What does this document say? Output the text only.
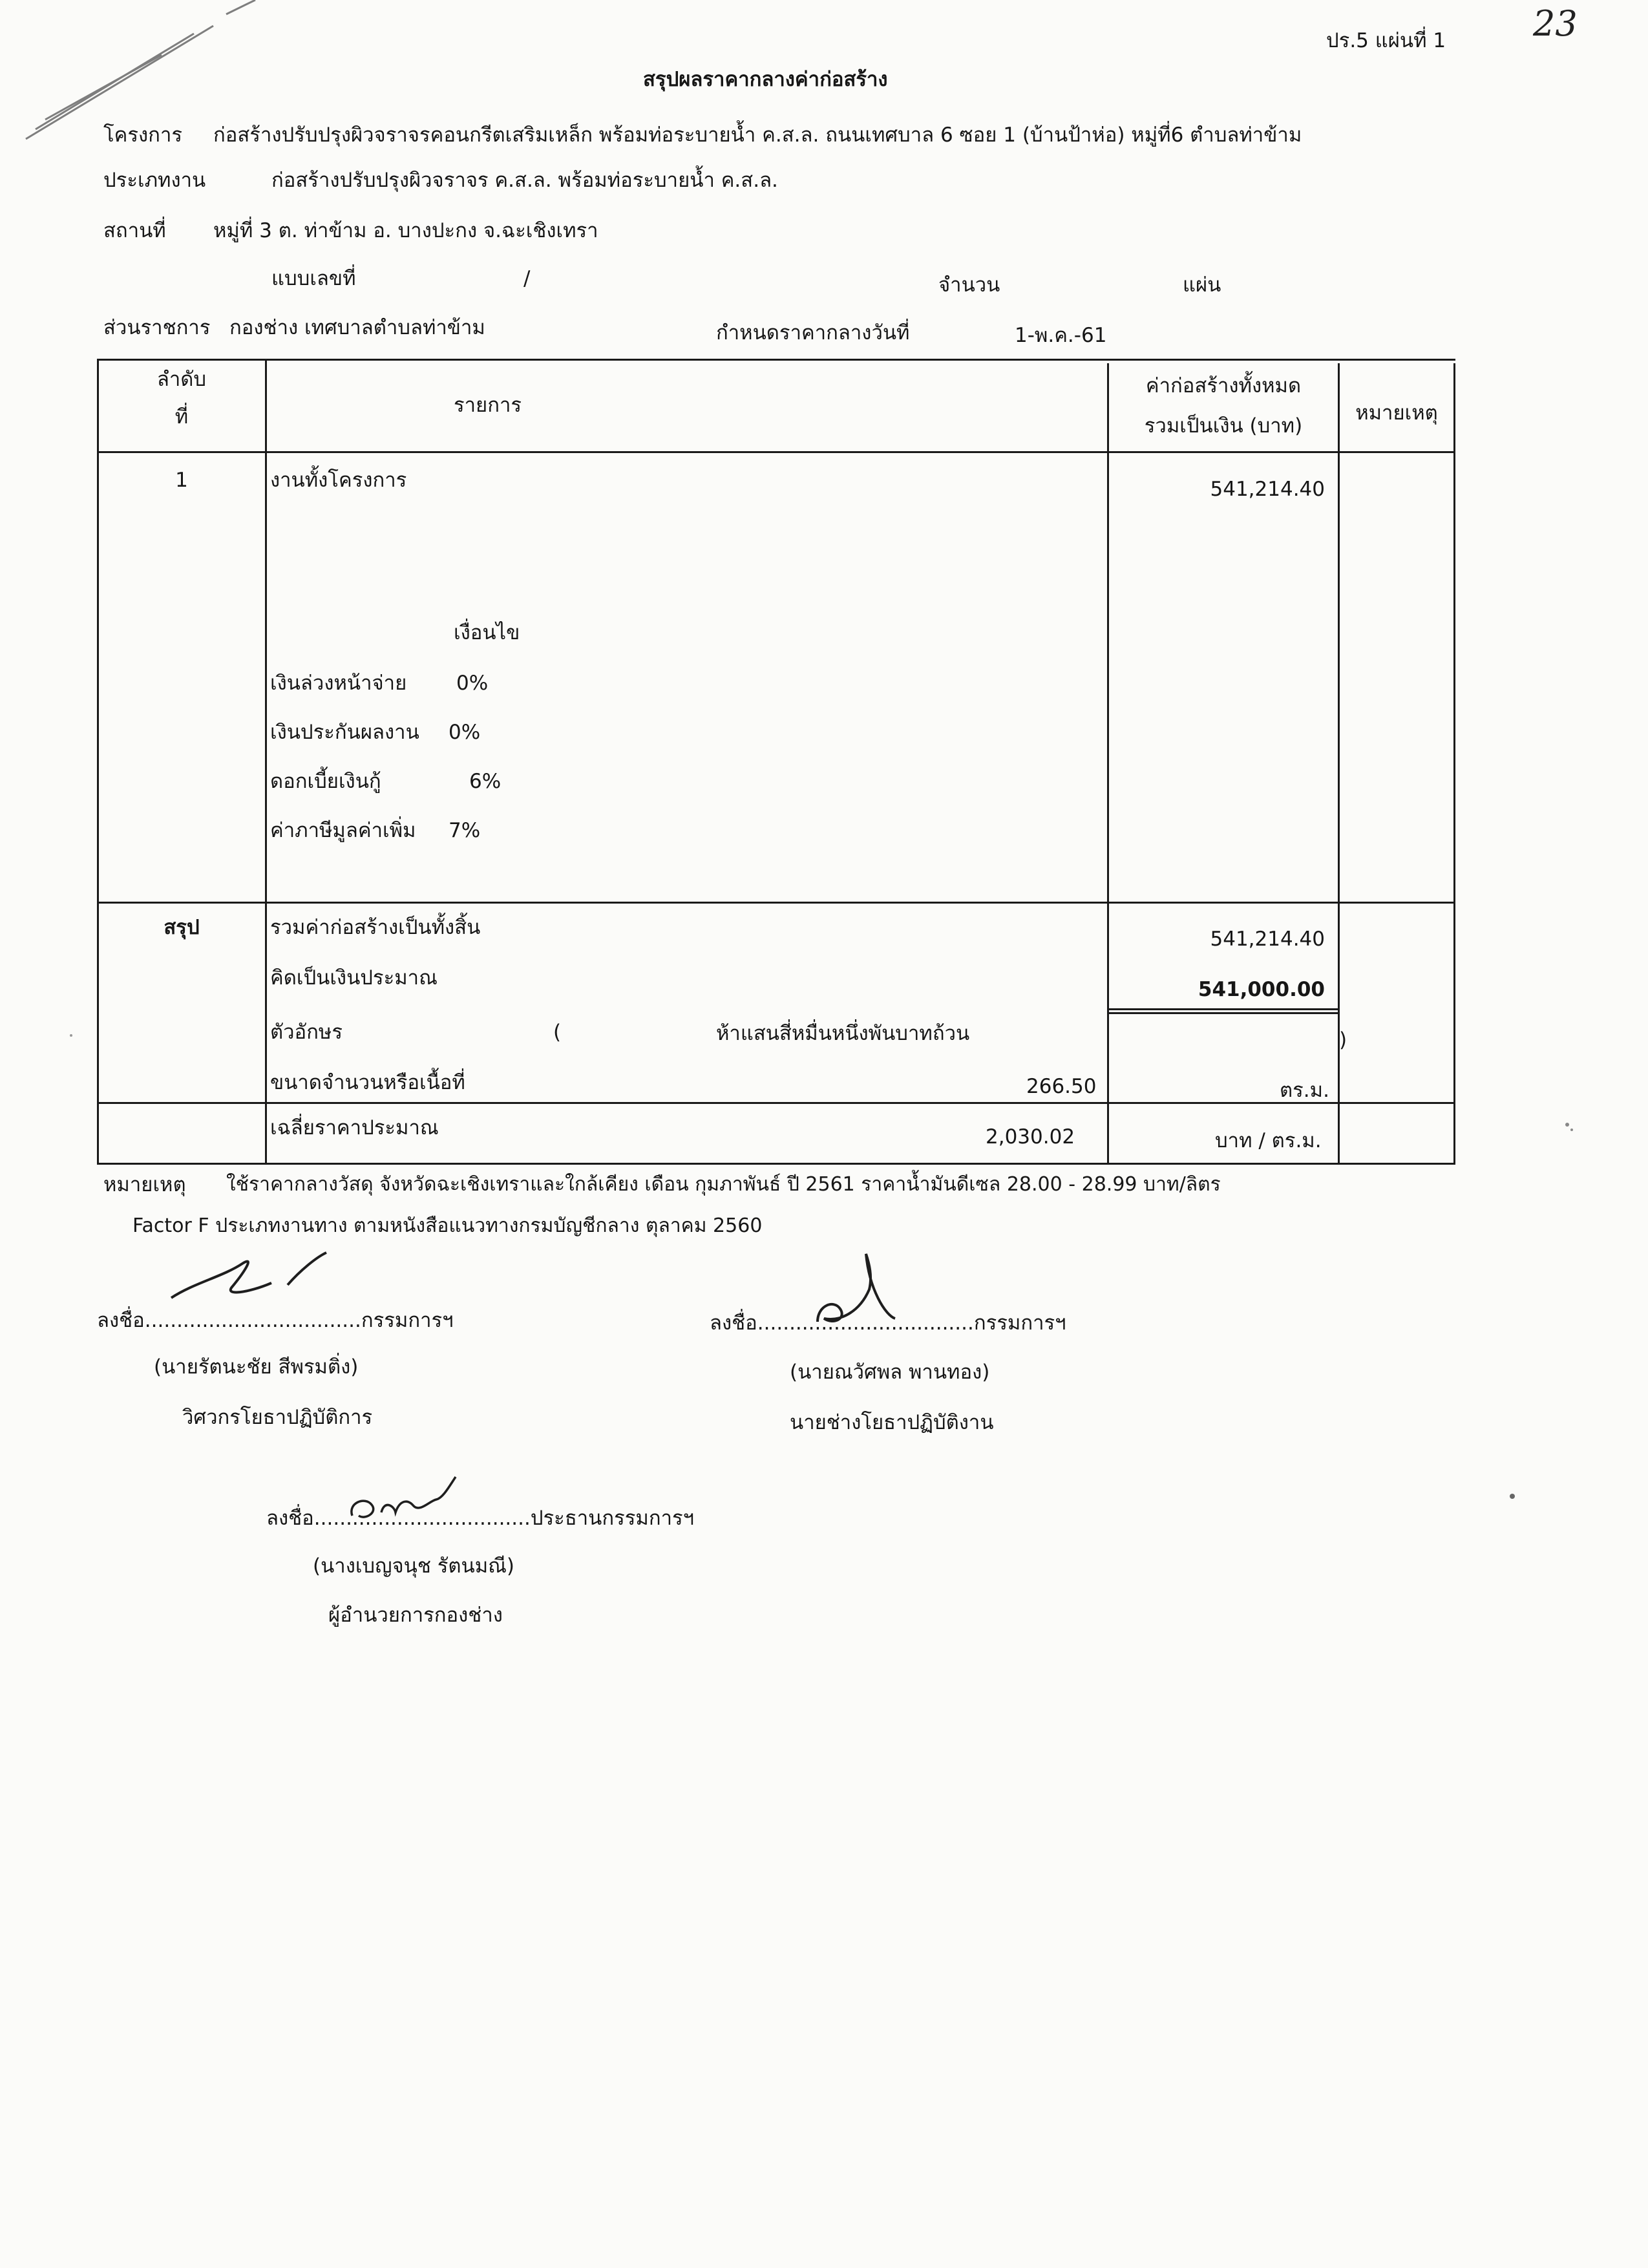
23
ปร.5 แผ่นที่ 1
สรุปผลราคากลางค่าก่อสร้าง
โครงการ ก่อสร้างปรับปรุงผิวจราจรคอนกรีตเสริมเหล็ก พร้อมท่อระบายน้ำ ค.ส.ล. ถนนเทศบาล 6 ซอย 1 (บ้านป้าห่อ) หมู่ที่6 ตำบลท่าข้าม
ประเภทงาน	ก่อสร้างปรับปรุงผิวจราจร ค.ส.ล. พร้อมท่อระบายน้ำ ค.ส.ล.
สถานที่ หมู่ที่ 3 ต. ท่าข้าม อ. บางปะกง จ.ฉะเชิงเทรา
แบบเลขที่	/	จำนวน	แผ่น
ส่วนราชการ กองช่าง เทศบาลตำบลท่าข้าม	กำหนดราคากลางวันที่	1-พ.ค.-61
ลำดับ
ที่	รายการ
ค่าก่อสร้างทั้งหมด
รวมเป็นเงิน (บาท)
หมายเหตุ
1	งานทั้งโครงการ	541,214.40
เงื่อนไข
เงินล่วงหน้าจ่าย 0%
เงินประกันผลงาน 0%
ดอกเบี้ยเงินกู้	6%
ค่าภาษีมูลค่าเพิ่ม 7%
สรุป	รวมค่าก่อสร้างเป็นทั้งสิ้น	541,214.40
คิดเป็นเงินประมาณ	541,000.00
ตัวอักษร	(	ห้าแสนสี่หมื่นหนึ่งพันบาทถ้วน	)
ขนาดจำนวนหรือเนื้อที่	266.50	ตร.ม.
เฉลี่ยราคาประมาณ	2,030.02	บาท / ตร.ม.
หมายเหตุ ใช้ราคากลางวัสดุ จังหวัดฉะเชิงเทราและใกล้เคียง เดือน กุมภาพันธ์ ปี 2561 ราคาน้ำมันดีเซล 28.00 - 28.99 บาท/ลิตร
Factor F ประเภทงานทาง ตามหนังสือแนวทางกรมบัญชีกลาง ตุลาคม 2560
ลงชื่อ..................................กรรมการฯ
(นายรัตนะชัย สีพรมติ่ง)
วิศวกรโยธาปฏิบัติการ
ลงชื่อ..................................กรรมการฯ
(นายณวัศพล พานทอง)
นายช่างโยธาปฏิบัติงาน
ลงชื่อ..................................ประธานกรรมการฯ
(นางเบญจนุช รัตนมณี)
ผู้อำนวยการกองช่าง
